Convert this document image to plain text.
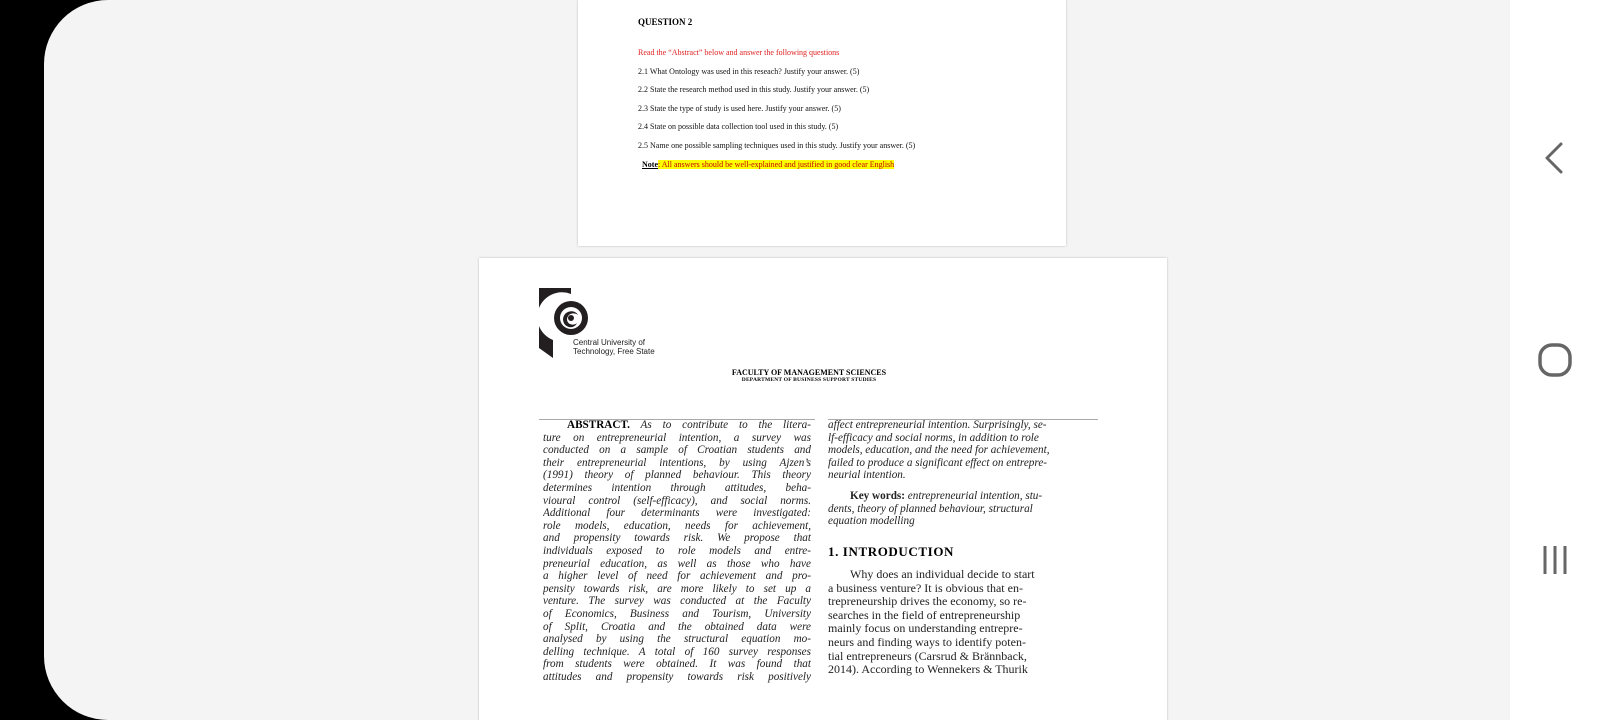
QUESTION 2
Read the “Abstract” below and answer the following questions
2.1 What Ontology was used in this reseach? Justify your answer. (5)
2.2 State the research method used in this study. Justify your answer. (5)
2.3 State the type of study is used here. Justify your answer. (5)
2.4 State on possible data collection tool used in this study. (5)
2.5 Name one possible sampling techniques used in this study. Justify your answer. (5)
Note: All answers should be well-explained and justified in good clear English
Central University of
Technology, Free State
FACULTY OF MANAGEMENT SCIENCES
DEPARTMENT OF BUSINESS SUPPORT STUDIES
ABSTRACT. As to contribute to the litera-
ture on entrepreneurial intention, a survey was
conducted on a sample of Croatian students and
their entrepreneurial intentions, by using Ajzen’s
(1991) theory of planned behaviour. This theory
determines intention through attitudes, beha-
vioural control (self-efficacy), and social norms.
Additional four determinants were investigated:
role models, education, needs for achievement,
and propensity towards risk. We propose that
individuals exposed to role models and entre-
preneurial education, as well as those who have
a higher level of need for achievement and pro-
pensity towards risk, are more likely to set up a
venture. The survey was conducted at the Faculty
of Economics, Business and Tourism, University
of Split, Croatia and the obtained data were
analysed by using the structural equation mo-
delling technique. A total of 160 survey responses
from students were obtained. It was found that
attitudes and propensity towards risk positively
affect entrepreneurial intention. Surprisingly, se-
lf-efficacy and social norms, in addition to role
models, education, and the need for achievement,
failed to produce a significant effect on entrepre-
neurial intention.
Key words: entrepreneurial intention, stu-
dents, theory of planned behaviour, structural
equation modelling
1. INTRODUCTION
Why does an individual decide to start
a business venture? It is obvious that en-
trepreneurship drives the economy, so re-
searches in the field of entrepreneurship
mainly focus on understanding entrepre-
neurs and finding ways to identify poten-
tial entrepreneurs (Carsrud & Brännback,
2014). According to Wennekers & Thurik
